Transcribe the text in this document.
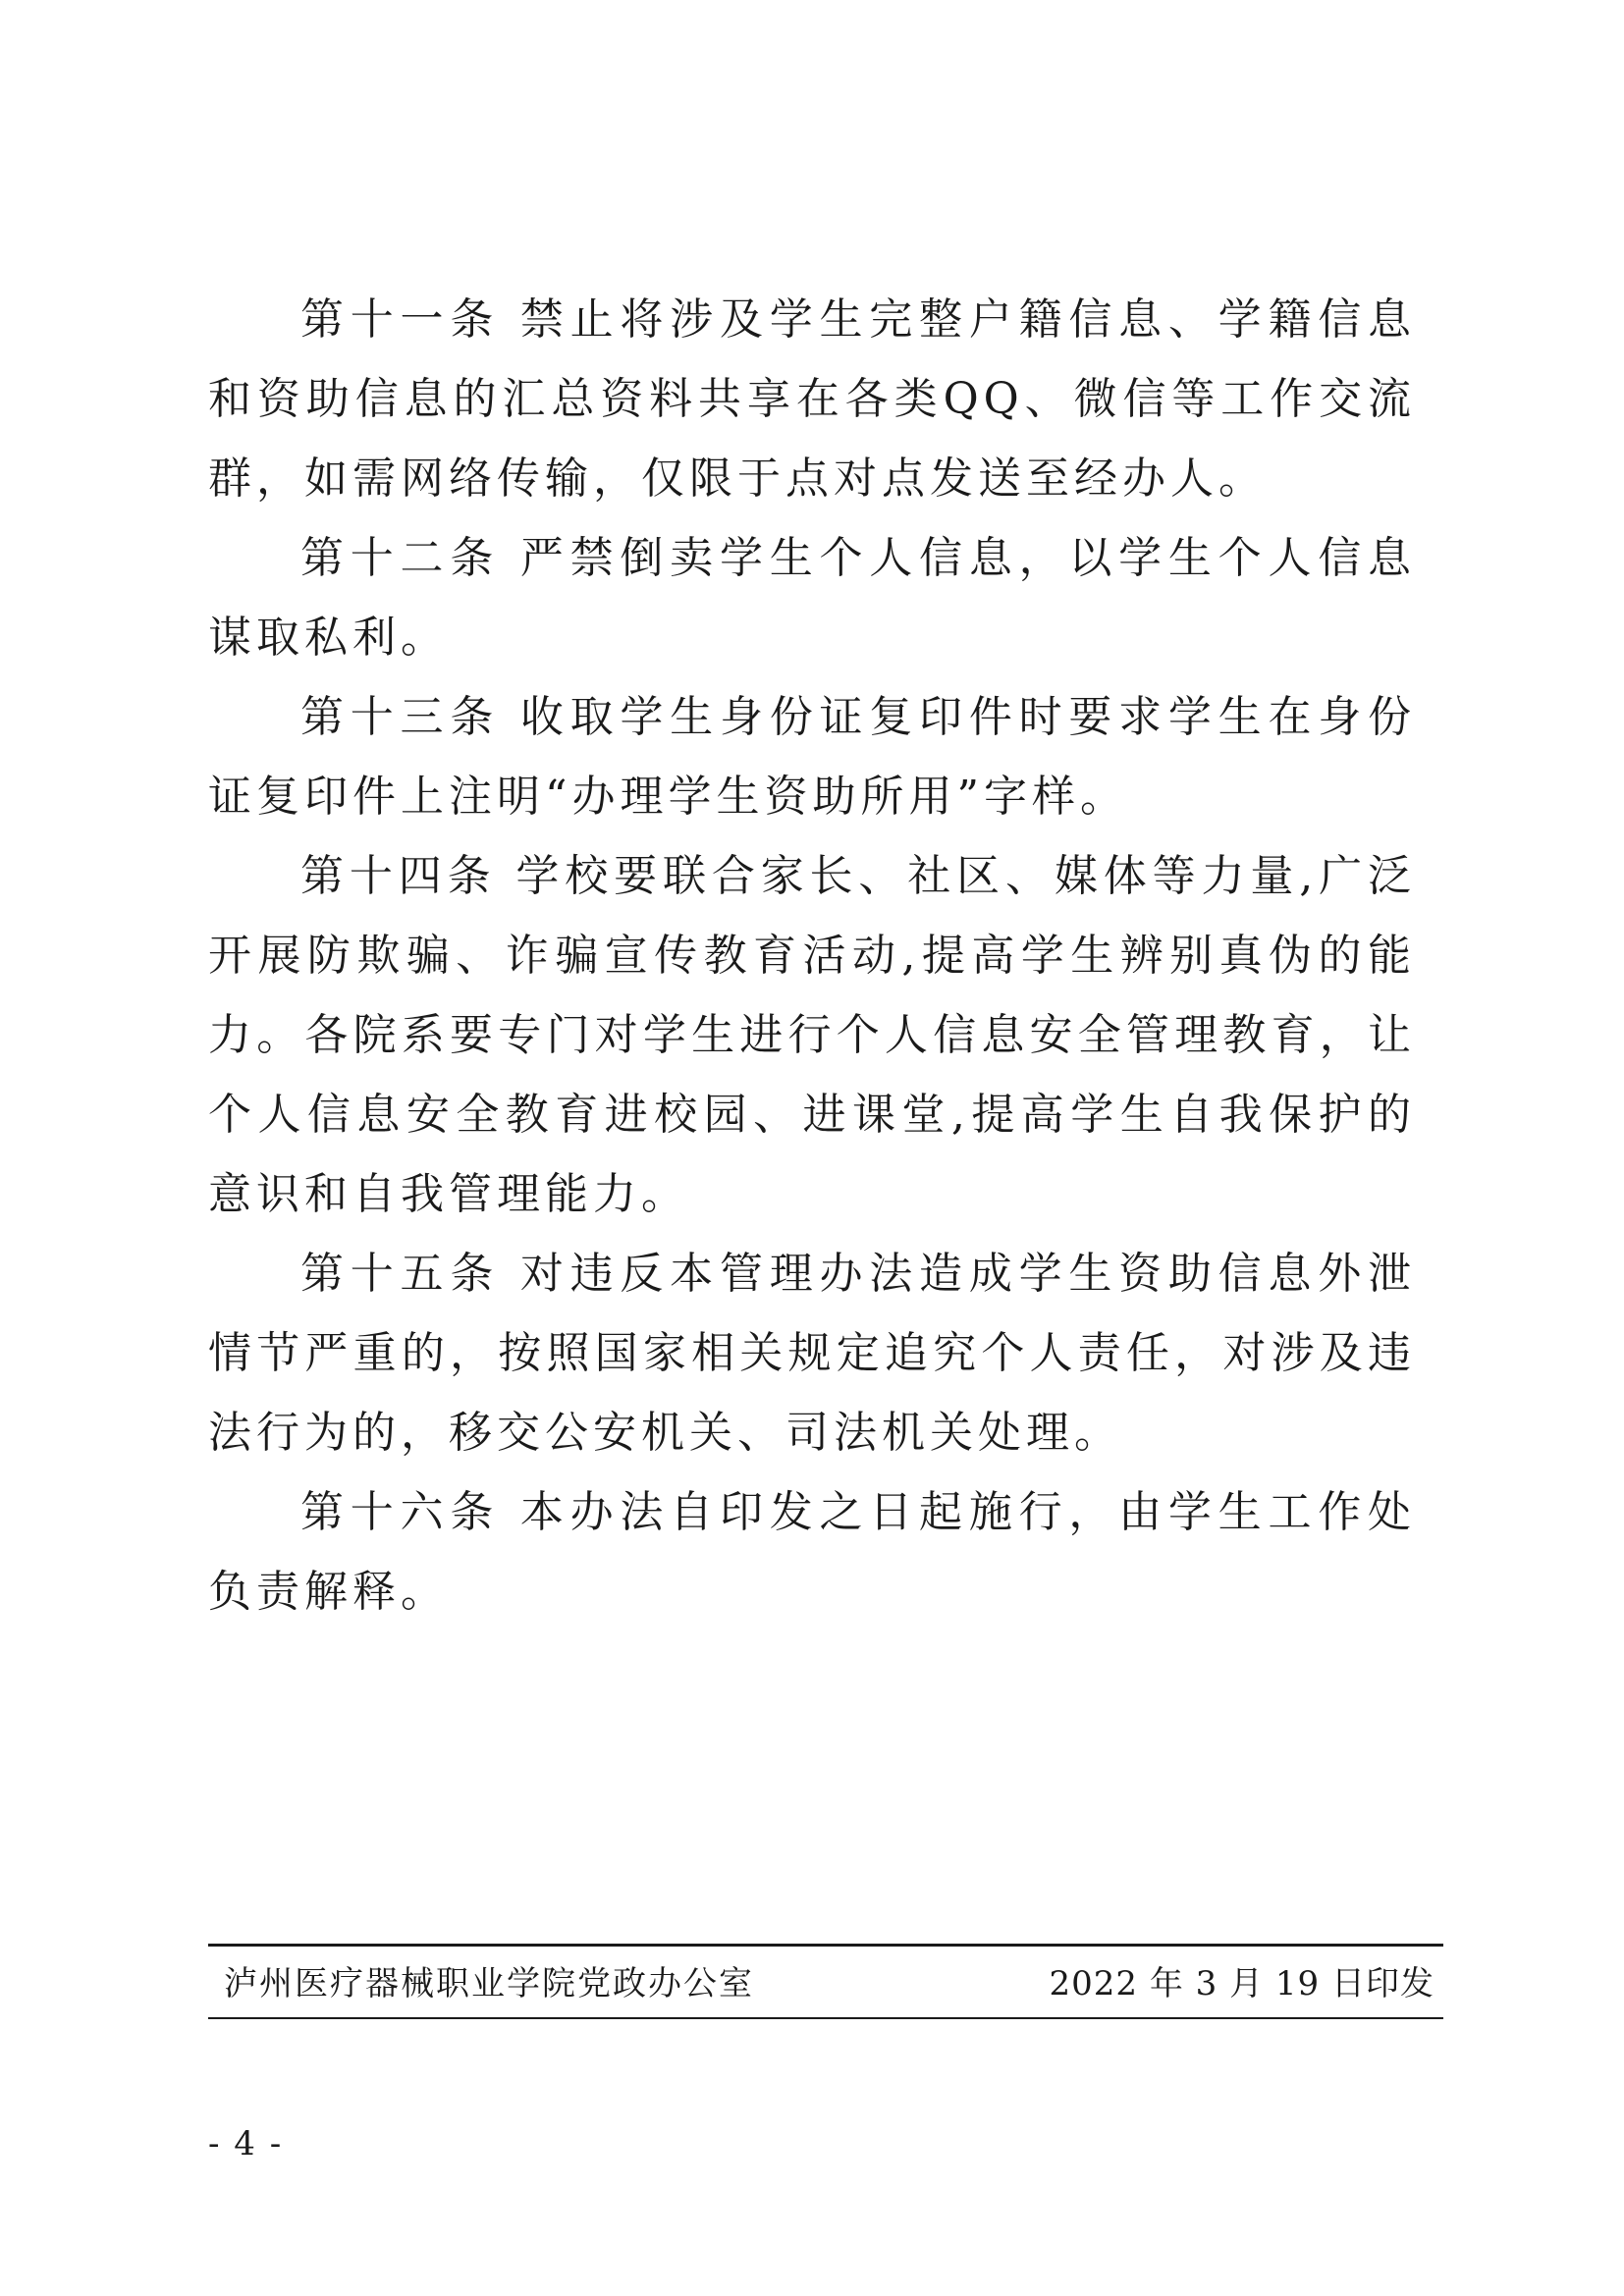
第十一条 禁止将涉及学生完整户籍信息、学籍信息和资助信息的汇总资料共享在各类QQ、微信等工作交流群，如需网络传输，仅限于点对点发送至经办人。

第十二条 严禁倒卖学生个人信息，以学生个人信息谋取私利。

第十三条 收取学生身份证复印件时要求学生在身份证复印件上注明“办理学生资助所用”字样。

第十四条 学校要联合家长、社区、媒体等力量,广泛开展防欺骗、诈骗宣传教育活动,提高学生辨别真伪的能力。各院系要专门对学生进行个人信息安全管理教育，让个人信息安全教育进校园、进课堂,提高学生自我保护的意识和自我管理能力。

第十五条 对违反本管理办法造成学生资助信息外泄情节严重的，按照国家相关规定追究个人责任，对涉及违法行为的，移交公安机关、司法机关处理。

第十六条 本办法自印发之日起施行，由学生工作处负责解释。

泸州医疗器械职业学院党政办公室	2022 年 3 月 19 日印发
- 4 -
